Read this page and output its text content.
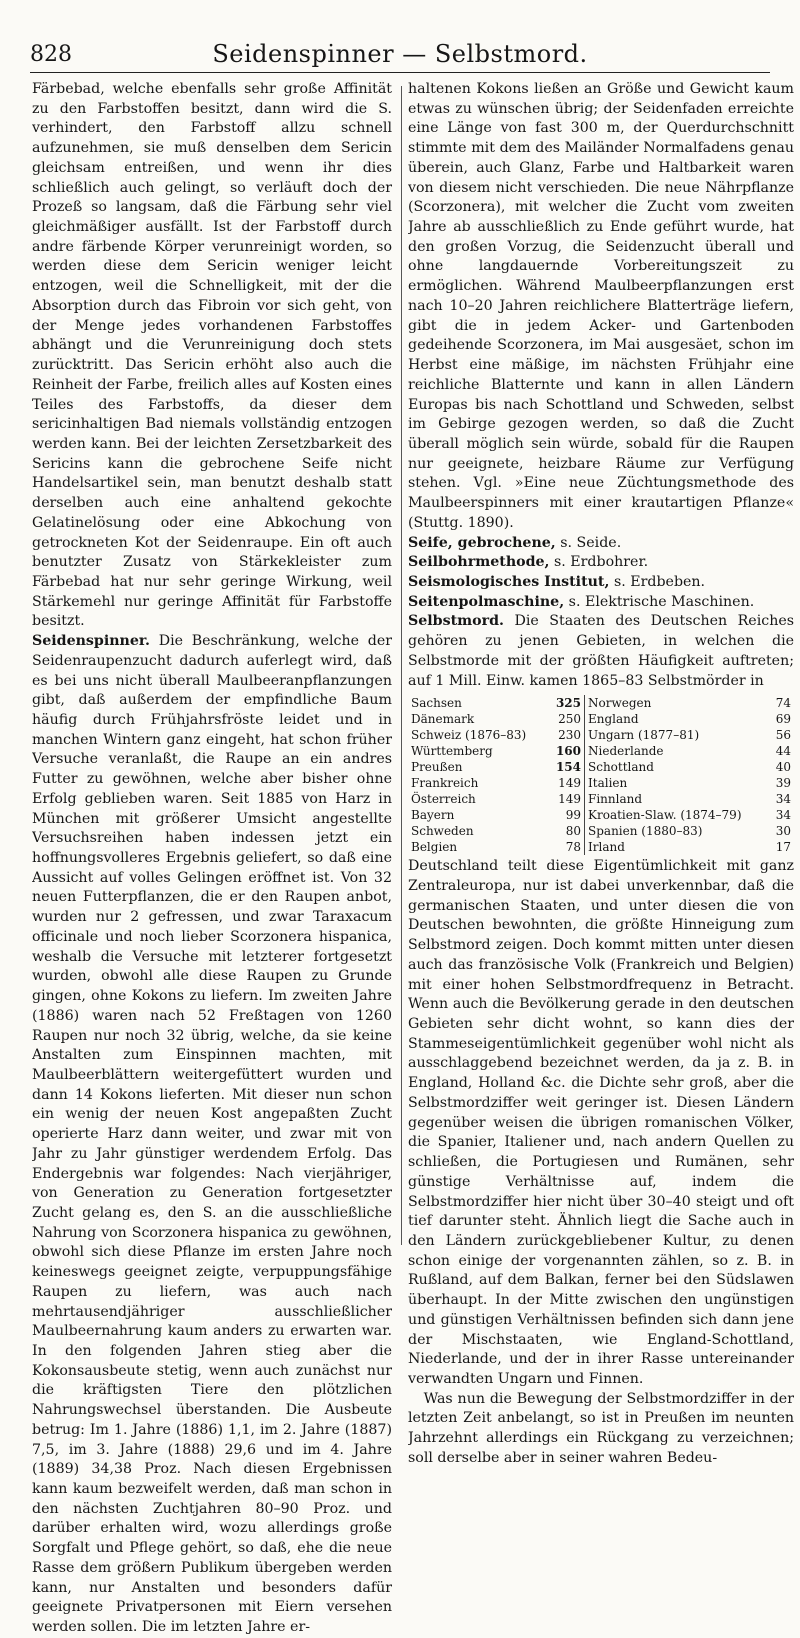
828	Seidenspinner — Selbstmord.

Färbebad, welche ebenfalls sehr große Affinität zu den Farbstoffen besitzt, dann wird die S. verhindert, den Farbstoff allzu schnell aufzunehmen, sie muß denselben dem Sericin gleichsam entreißen, und wenn ihr dies schließlich auch gelingt, so verläuft doch der Prozeß so langsam, daß die Färbung sehr viel gleichmäßiger ausfällt. Ist der Farbstoff durch andre färbende Körper verunreinigt worden, so werden diese dem Sericin weniger leicht entzogen, weil die Schnelligkeit, mit der die Absorption durch das Fibroin vor sich geht, von der Menge jedes vorhandenen Farbstoffes abhängt und die Verunreinigung doch stets zurücktritt. Das Sericin erhöht also auch die Reinheit der Farbe, freilich alles auf Kosten eines Teiles des Farbstoffs, da dieser dem sericinhaltigen Bad niemals vollständig entzogen werden kann. Bei der leichten Zersetzbarkeit des Sericins kann die gebrochene Seife nicht Handelsartikel sein, man benutzt deshalb statt derselben auch eine anhaltend gekochte Gelatinelösung oder eine Abkochung von getrockneten Kot der Seidenraupe. Ein oft auch benutzter Zusatz von Stärkekleister zum Färbebad hat nur sehr geringe Wirkung, weil Stärkemehl nur geringe Affinität für Farbstoffe besitzt.

Seidenspinner. Die Beschränkung, welche der Seidenraupenzucht dadurch auferlegt wird, daß es bei uns nicht überall Maulbeeranpflanzungen gibt, daß außerdem der empfindliche Baum häufig durch Frühjahrsfröste leidet und in manchen Wintern ganz eingeht, hat schon früher Versuche veranlaßt, die Raupe an ein andres Futter zu gewöhnen, welche aber bisher ohne Erfolg geblieben waren. Seit 1885 von Harz in München mit größerer Umsicht angestellte Versuchsreihen haben indessen jetzt ein hoffnungsvolleres Ergebnis geliefert, so daß eine Aussicht auf volles Gelingen eröffnet ist. Von 32 neuen Futterpflanzen, die er den Raupen anbot, wurden nur 2 gefressen, und zwar Taraxacum officinale und noch lieber Scorzonera hispanica, weshalb die Versuche mit letzterer fortgesetzt wurden, obwohl alle diese Raupen zu Grunde gingen, ohne Kokons zu liefern. Im zweiten Jahre (1886) waren nach 52 Freßtagen von 1260 Raupen nur noch 32 übrig, welche, da sie keine Anstalten zum Einspinnen machten, mit Maulbeerblättern weitergefüttert wurden und dann 14 Kokons lieferten. Mit dieser nun schon ein wenig der neuen Kost angepaßten Zucht operierte Harz dann weiter, und zwar mit von Jahr zu Jahr günstiger werdendem Erfolg. Das Endergebnis war folgendes: Nach vierjähriger, von Generation zu Generation fortgesetzter Zucht gelang es, den S. an die ausschließliche Nahrung von Scorzonera hispanica zu gewöhnen, obwohl sich diese Pflanze im ersten Jahre noch keineswegs geeignet zeigte, verpuppungsfähige Raupen zu liefern, was auch nach mehrtausendjähriger ausschließlicher Maulbeernahrung kaum anders zu erwarten war. In den folgenden Jahren stieg aber die Kokonsausbeute stetig, wenn auch zunächst nur die kräftigsten Tiere den plötzlichen Nahrungswechsel überstanden. Die Ausbeute betrug: Im 1. Jahre (1886) 1,1, im 2. Jahre (1887) 7,5, im 3. Jahre (1888) 29,6 und im 4. Jahre (1889) 34,38 Proz. Nach diesen Ergebnissen kann kaum bezweifelt werden, daß man schon in den nächsten Zuchtjahren 80–90 Proz. und darüber erhalten wird, wozu allerdings große Sorgfalt und Pflege gehört, so daß, ehe die neue Rasse dem größern Publikum übergeben werden kann, nur Anstalten und besonders dafür geeignete Privatpersonen mit Eiern versehen werden sollen. Die im letzten Jahre er-

haltenen Kokons ließen an Größe und Gewicht kaum etwas zu wünschen übrig; der Seidenfaden erreichte eine Länge von fast 300 m, der Querdurchschnitt stimmte mit dem des Mailänder Normalfadens genau überein, auch Glanz, Farbe und Haltbarkeit waren von diesem nicht verschieden. Die neue Nährpflanze (Scorzonera), mit welcher die Zucht vom zweiten Jahre ab ausschließlich zu Ende geführt wurde, hat den großen Vorzug, die Seidenzucht überall und ohne langdauernde Vorbereitungszeit zu ermöglichen. Während Maulbeerpflanzungen erst nach 10–20 Jahren reichlichere Blatterträge liefern, gibt die in jedem Acker- und Gartenboden gedeihende Scorzonera, im Mai ausgesäet, schon im Herbst eine mäßige, im nächsten Frühjahr eine reichliche Blatternte und kann in allen Ländern Europas bis nach Schottland und Schweden, selbst im Gebirge gezogen werden, so daß die Zucht überall möglich sein würde, sobald für die Raupen nur geeignete, heizbare Räume zur Verfügung stehen. Vgl. »Eine neue Züchtungsmethode des Maulbeerspinners mit einer krautartigen Pflanze« (Stuttg. 1890).

Seife, gebrochene, s. Seide.

Seilbohrmethode, s. Erdbohrer.

Seismologisches Institut, s. Erdbeben.

Seitenpolmaschine, s. Elektrische Maschinen.

Selbstmord. Die Staaten des Deutschen Reiches gehören zu jenen Gebieten, in welchen die Selbstmorde mit der größten Häufigkeit auftreten; auf 1 Mill. Einw. kamen 1865–83 Selbstmörder in

Sachsen	325	Norwegen	74
Dänemark	250	England	69
Schweiz (1876–83)	230	Ungarn (1877–81)	56
Württemberg	160	Niederlande	44
Preußen	154	Schottland	40
Frankreich	149	Italien	39
Österreich	149	Finnland	34
Bayern	99	Kroatien-Slaw. (1874–79)	34
Schweden	80	Spanien (1880–83)	30
Belgien	78	Irland	17

Deutschland teilt diese Eigentümlichkeit mit ganz Zentraleuropa, nur ist dabei unverkennbar, daß die germanischen Staaten, und unter diesen die von Deutschen bewohnten, die größte Hinneigung zum Selbstmord zeigen. Doch kommt mitten unter diesen auch das französische Volk (Frankreich und Belgien) mit einer hohen Selbstmordfrequenz in Betracht. Wenn auch die Bevölkerung gerade in den deutschen Gebieten sehr dicht wohnt, so kann dies der Stammeseigentümlichkeit gegenüber wohl nicht als ausschlaggebend bezeichnet werden, da ja z. B. in England, Holland &c. die Dichte sehr groß, aber die Selbstmordziffer weit geringer ist. Diesen Ländern gegenüber weisen die übrigen romanischen Völker, die Spanier, Italiener und, nach andern Quellen zu schließen, die Portugiesen und Rumänen, sehr günstige Verhältnisse auf, indem die Selbstmordziffer hier nicht über 30–40 steigt und oft tief darunter steht. Ähnlich liegt die Sache auch in den Ländern zurückgebliebener Kultur, zu denen schon einige der vorgenannten zählen, so z. B. in Rußland, auf dem Balkan, ferner bei den Südslawen überhaupt. In der Mitte zwischen den ungünstigen und günstigen Verhältnissen befinden sich dann jene der Mischstaaten, wie England-Schottland, Niederlande, und der in ihrer Rasse untereinander verwandten Ungarn und Finnen.

Was nun die Bewegung der Selbstmordziffer in der letzten Zeit anbelangt, so ist in Preußen im neunten Jahrzehnt allerdings ein Rückgang zu verzeichnen; soll derselbe aber in seiner wahren Bedeu-
